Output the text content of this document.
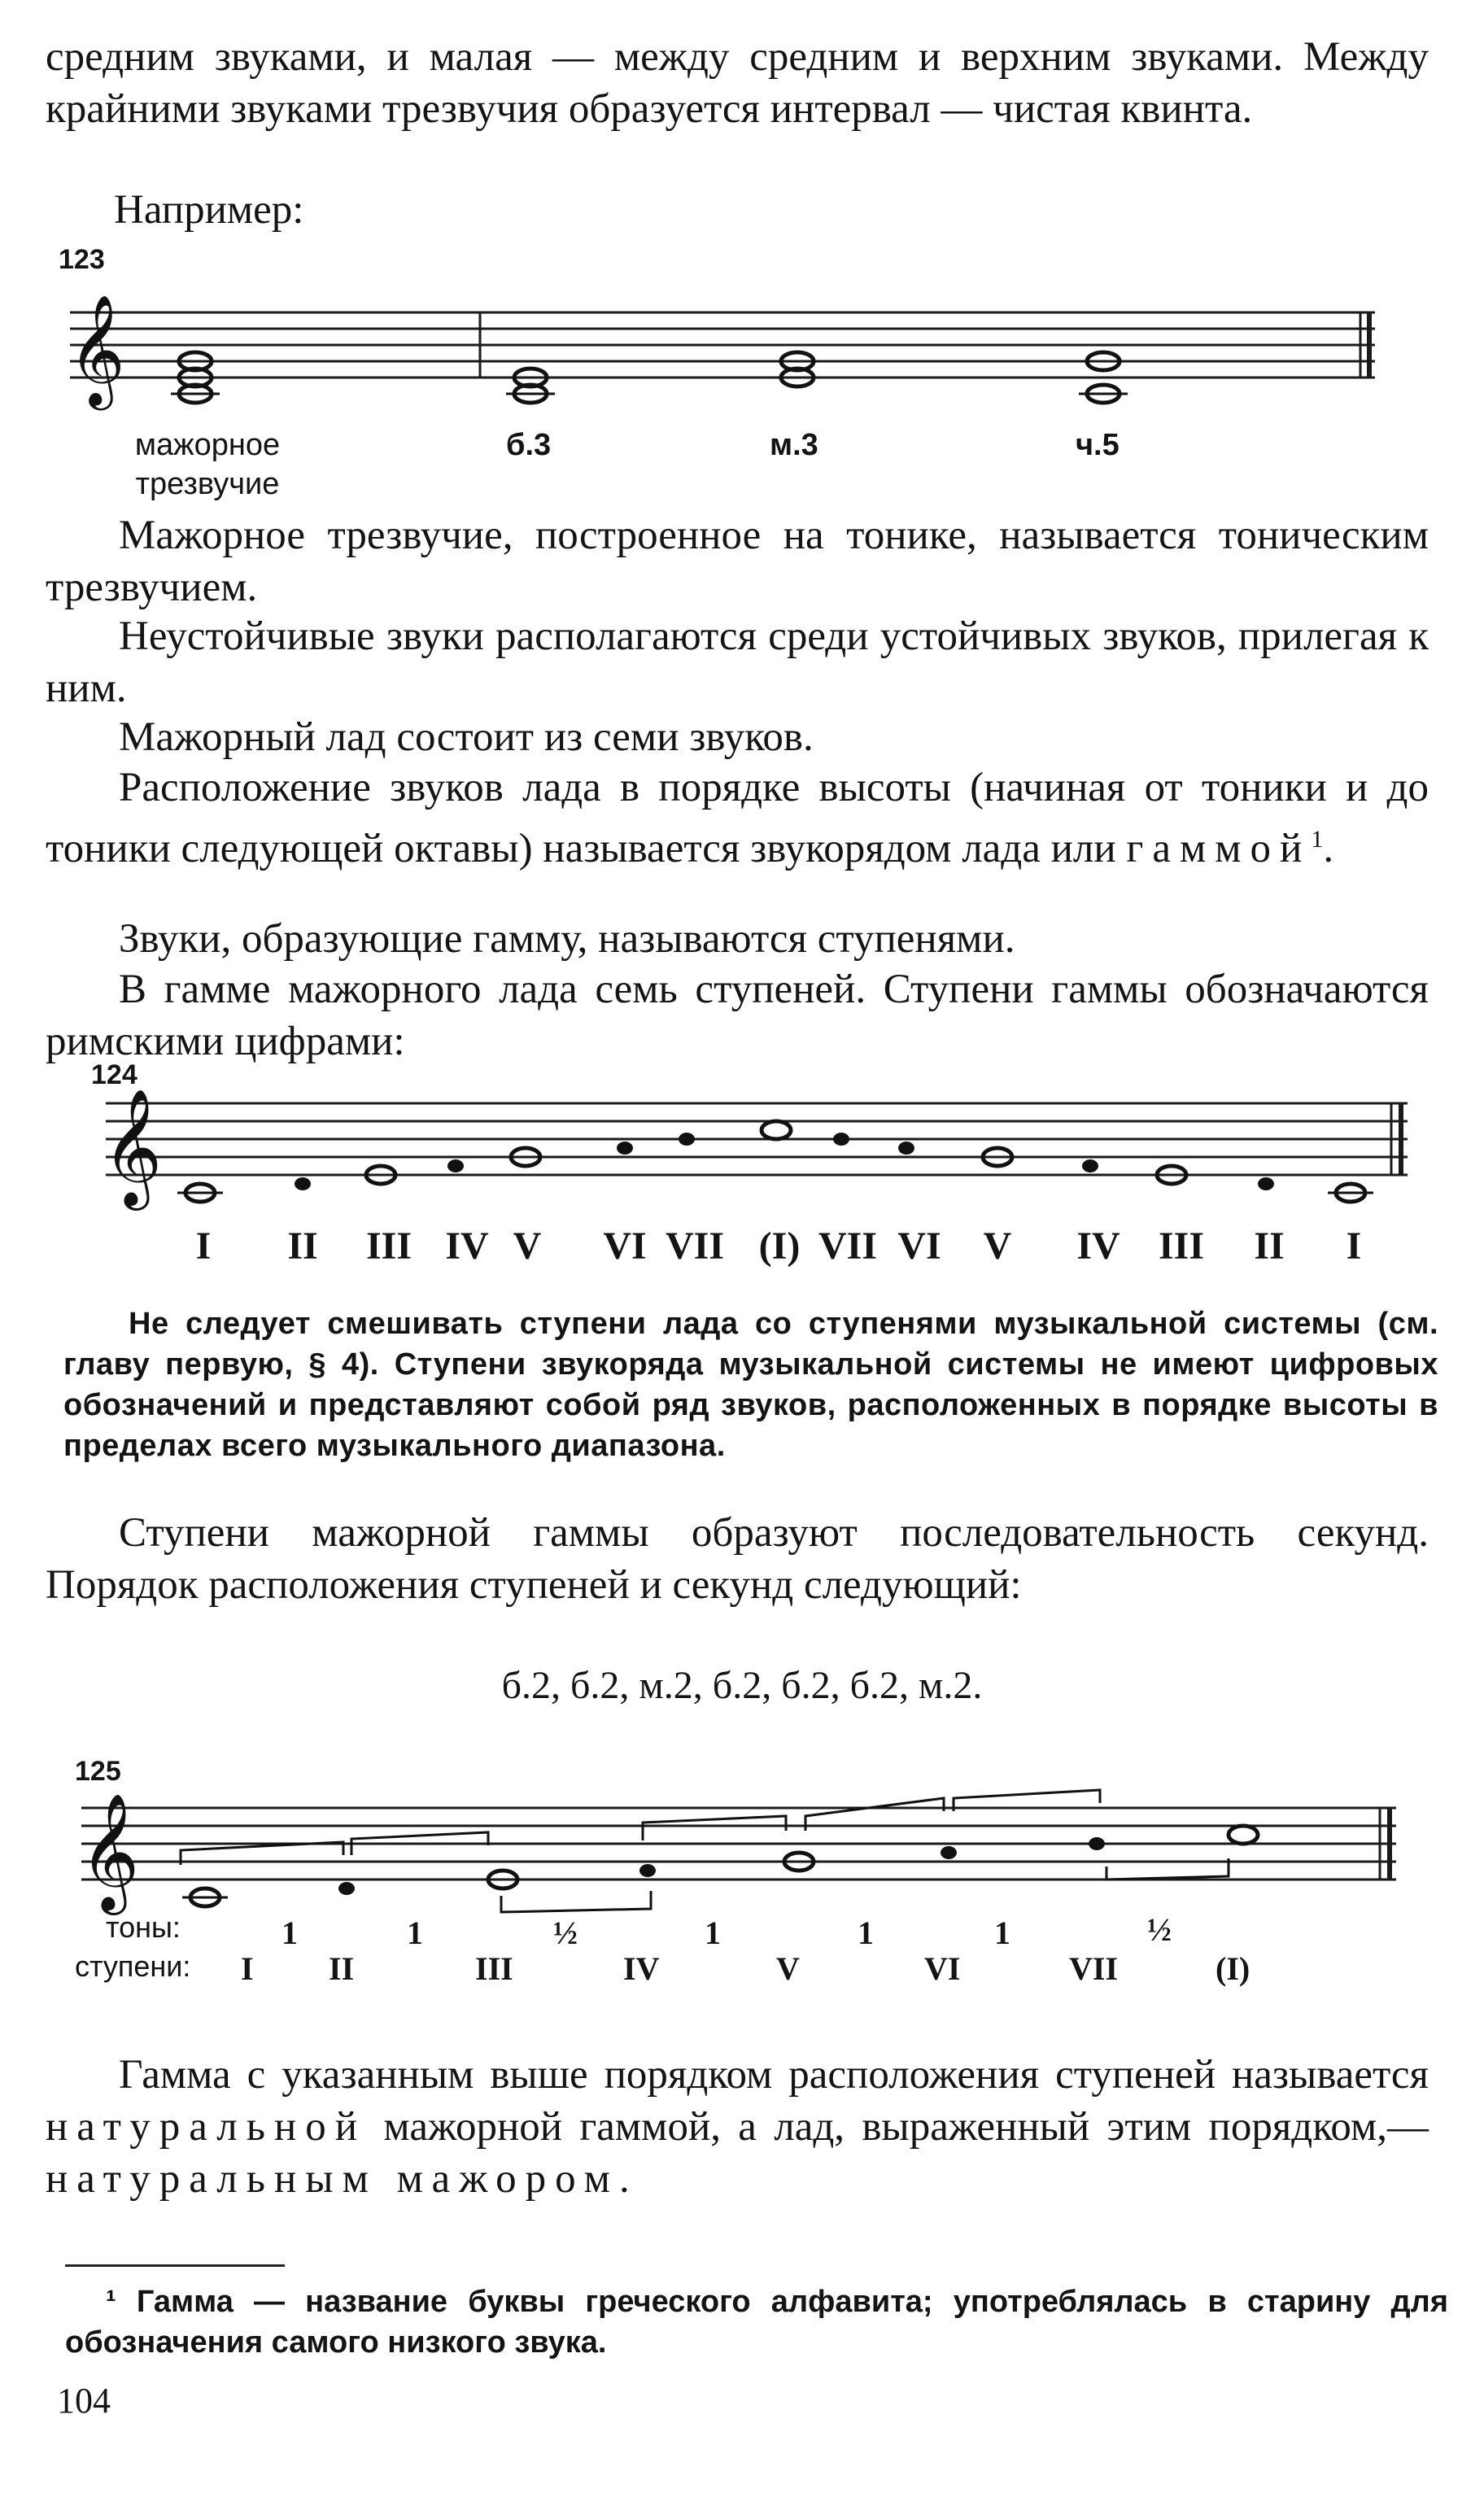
средним звуками, и малая — между средним и верхним звуками. Между крайними звуками трезвучия образуется интервал — чистая квинта.

Например:

123
𝄞
мажорное
трезвучие
б.3	м.3	ч.5

Мажорное трезвучие, построенное на тонике, называется тоническим трезвучием.

Неустойчивые звуки располагаются среди устойчивых звуков, прилегая к ним.

Мажорный лад состоит из семи звуков.

Расположение звуков лада в порядке высоты (начиная от тоники и до тоники следующей октавы) называется звукорядом лада или гаммой$^1$.

Звуки, образующие гамму, называются ступенями.

В гамме мажорного лада семь ступеней. Ступени гаммы обозначаются римскими цифрами:

124
𝄞
I	II	III IV V	VI VII (I) VII VI	V	IV III	II	I

Не следует смешивать ступени лада со ступенями музыкальной системы (см. главу первую, § 4). Ступени звукоряда музыкальной системы не имеют цифровых обозначений и представляют собой ряд звуков, расположенных в порядке высоты в пределах всего музыкального диапазона.

Ступени мажорной гаммы образуют последовательность секунд. Порядок расположения ступеней и секунд следующий:

б.2, б.2, м.2, б.2, б.2, б.2, м.2.

125
𝄞
тоны:
ступени:
1	1	½	1	1	1	½
I II	III	IV	V	VI	VII	(I)

Гамма с указанным выше порядком расположения ступеней называется натуральной мажорной гаммой, а лад, выраженный этим порядком,—натуральным мажором.

¹ Гамма — название буквы греческого алфавита; употреблялась в старину для обозначения самого низкого звука.

104
